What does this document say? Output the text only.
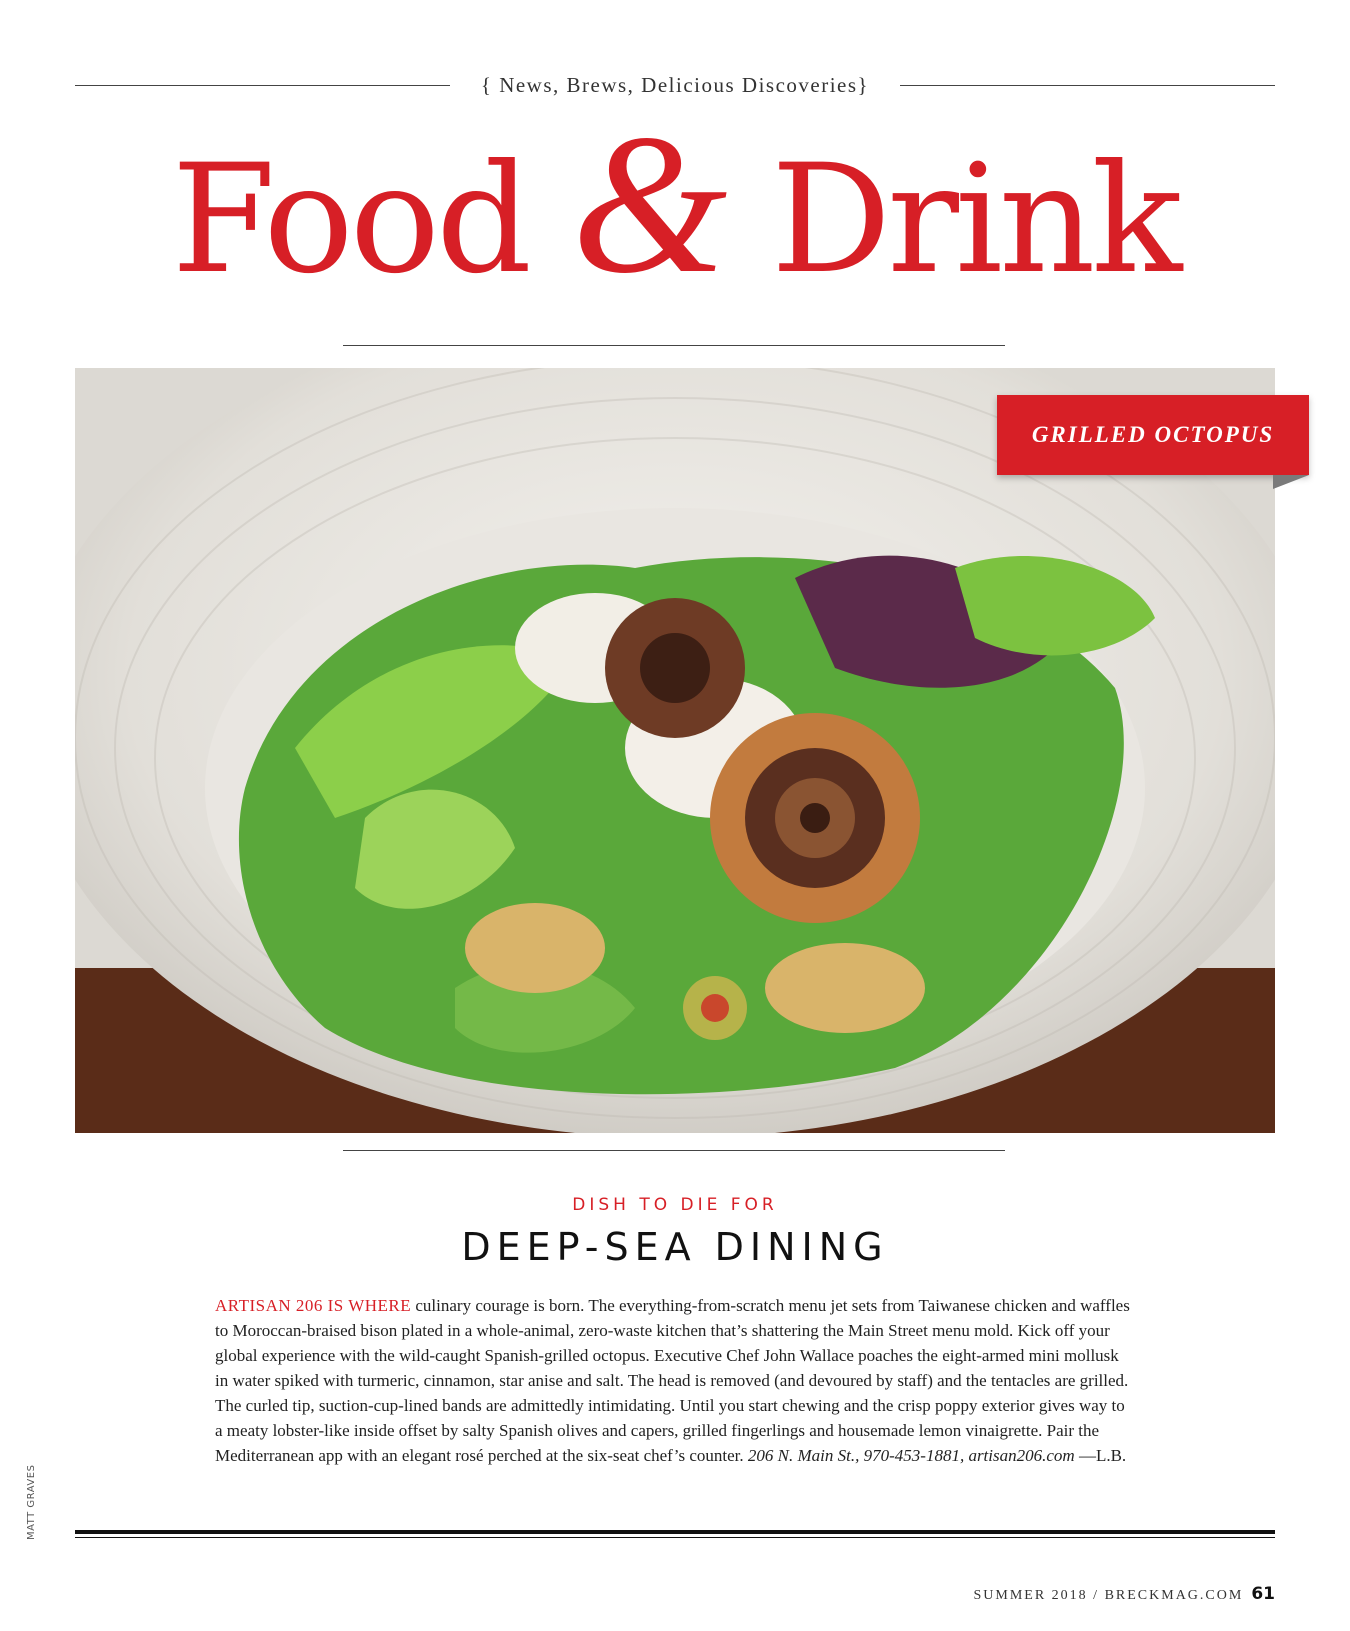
{ News, Brews, Delicious Discoveries}
Food & Drink
GRILLED OCTOPUS
DISH TO DIE FOR
DEEP-SEA DINING
ARTISAN 206 IS WHERE culinary courage is born. The everything-from-scratch menu jet sets from Taiwanese chicken and waffles to Moroccan-braised bison plated in a whole-animal, zero-waste kitchen that’s shattering the Main Street menu mold. Kick off your global experience with the wild-caught Spanish-grilled octopus. Executive Chef John Wallace poaches the eight-armed mini mollusk in water spiked with turmeric, cinnamon, star anise and salt. The head is removed (and devoured by staff) and the tentacles are grilled. The curled tip, suction-cup-lined bands are admittedly intimidating. Until you start chewing and the crisp poppy exterior gives way to a meaty lobster-like inside offset by salty Spanish olives and capers, grilled fingerlings and housemade lemon vinaigrette. Pair the Mediterranean app with an elegant rosé perched at the six-seat chef’s counter. 206 N. Main St., 970-453-1881, artisan206.com —L.B.
MATT GRAVES
SUMMER 2018 / BRECKMAG.COM 61
